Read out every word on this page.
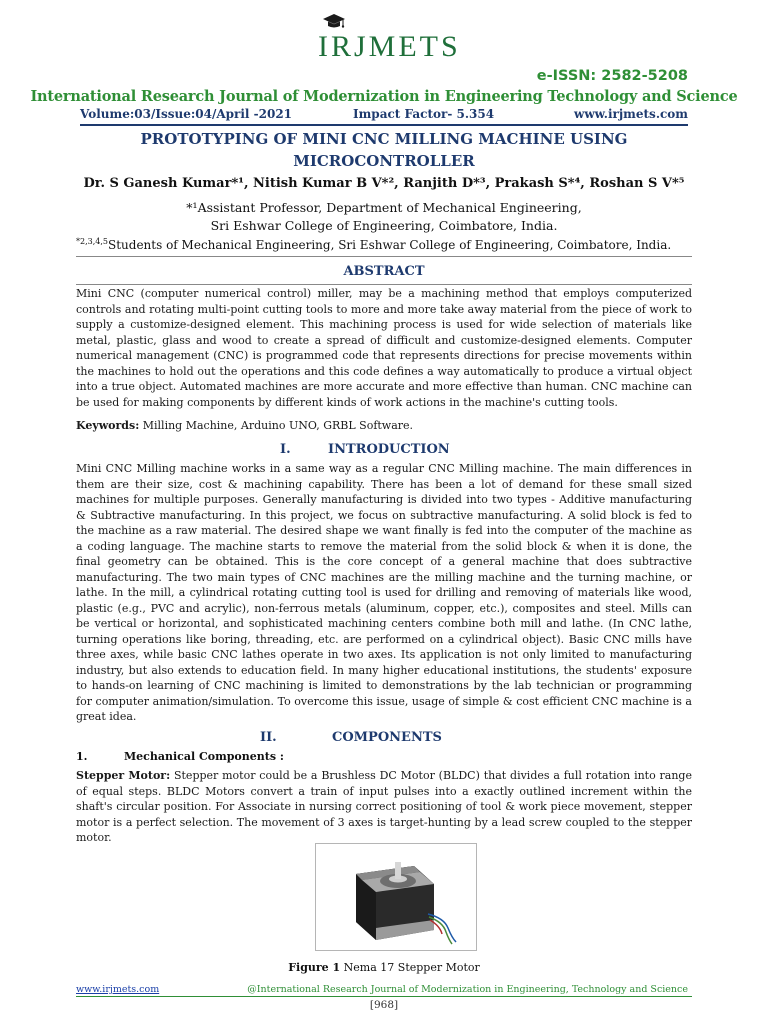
IRJMETS
e-ISSN: 2582-5208
International Research Journal of Modernization in Engineering Technology and Science
Volume:03/Issue:04/April -2021	Impact Factor- 5.354	www.irjmets.com
PROTOTYPING OF MINI CNC MILLING MACHINE USING MICROCONTROLLER
Dr. S Ganesh Kumar*¹, Nitish Kumar B V*², Ranjith D*³, Prakash S*⁴, Roshan S V*⁵
*¹Assistant Professor, Department of Mechanical Engineering,
Sri Eshwar College of Engineering, Coimbatore, India.
$^{*2,3,4,5}$Students of Mechanical Engineering, Sri Eshwar College of Engineering, Coimbatore, India.
ABSTRACT
Mini CNC (computer numerical control) miller, may be a machining method that employs computerized controls and rotating multi-point cutting tools to more and more take away material from the piece of work to supply a customize-designed element. This machining process is used for wide selection of materials like metal, plastic, glass and wood to create a spread of difficult and customize-designed elements. Computer numerical management (CNC) is programmed code that represents directions for precise movements within the machines to hold out the operations and this code defines a way automatically to produce a virtual object into a true object. Automated machines are more accurate and more effective than human. CNC machine can be used for making components by different kinds of work actions in the machine's cutting tools.
Keywords: Milling Machine, Arduino UNO, GRBL Software.
I.	INTRODUCTION
Mini CNC Milling machine works in a same way as a regular CNC Milling machine. The main differences in them are their size, cost & machining capability. There has been a lot of demand for these small sized machines for multiple purposes. Generally manufacturing is divided into two types - Additive manufacturing & Subtractive manufacturing. In this project, we focus on subtractive manufacturing. A solid block is fed to the machine as a raw material. The desired shape we want finally is fed into the computer of the machine as a coding language. The machine starts to remove the material from the solid block & when it is done, the final geometry can be obtained. This is the core concept of a general machine that does subtractive manufacturing. The two main types of CNC machines are the milling machine and the turning machine, or lathe. In the mill, a cylindrical rotating cutting tool is used for drilling and removing of materials like wood, plastic (e.g., PVC and acrylic), non-ferrous metals (aluminum, copper, etc.), composites and steel. Mills can be vertical or horizontal, and sophisticated machining centers combine both mill and lathe. (In CNC lathe, turning operations like boring, threading, etc. are performed on a cylindrical object). Basic CNC mills have three axes, while basic CNC lathes operate in two axes. Its application is not only limited to manufacturing industry, but also extends to education field. In many higher educational institutions, the students' exposure to hands-on learning of CNC machining is limited to demonstrations by the lab technician or programming for computer animation/simulation. To overcome this issue, usage of simple & cost efficient CNC machine is a great idea.
II.	COMPONENTS
1.	Mechanical Components :
Stepper Motor: Stepper motor could be a Brushless DC Motor (BLDC) that divides a full rotation into range of equal steps. BLDC Motors convert a train of input pulses into a exactly outlined increment within the shaft's circular position. For Associate in nursing correct positioning of tool & work piece movement, stepper motor is a perfect selection. The movement of 3 axes is target-hunting by a lead screw coupled to the stepper motor.
Figure 1 Nema 17 Stepper Motor
www.irjmets.com	@International Research Journal of Modernization in Engineering, Technology and Science
[968]
